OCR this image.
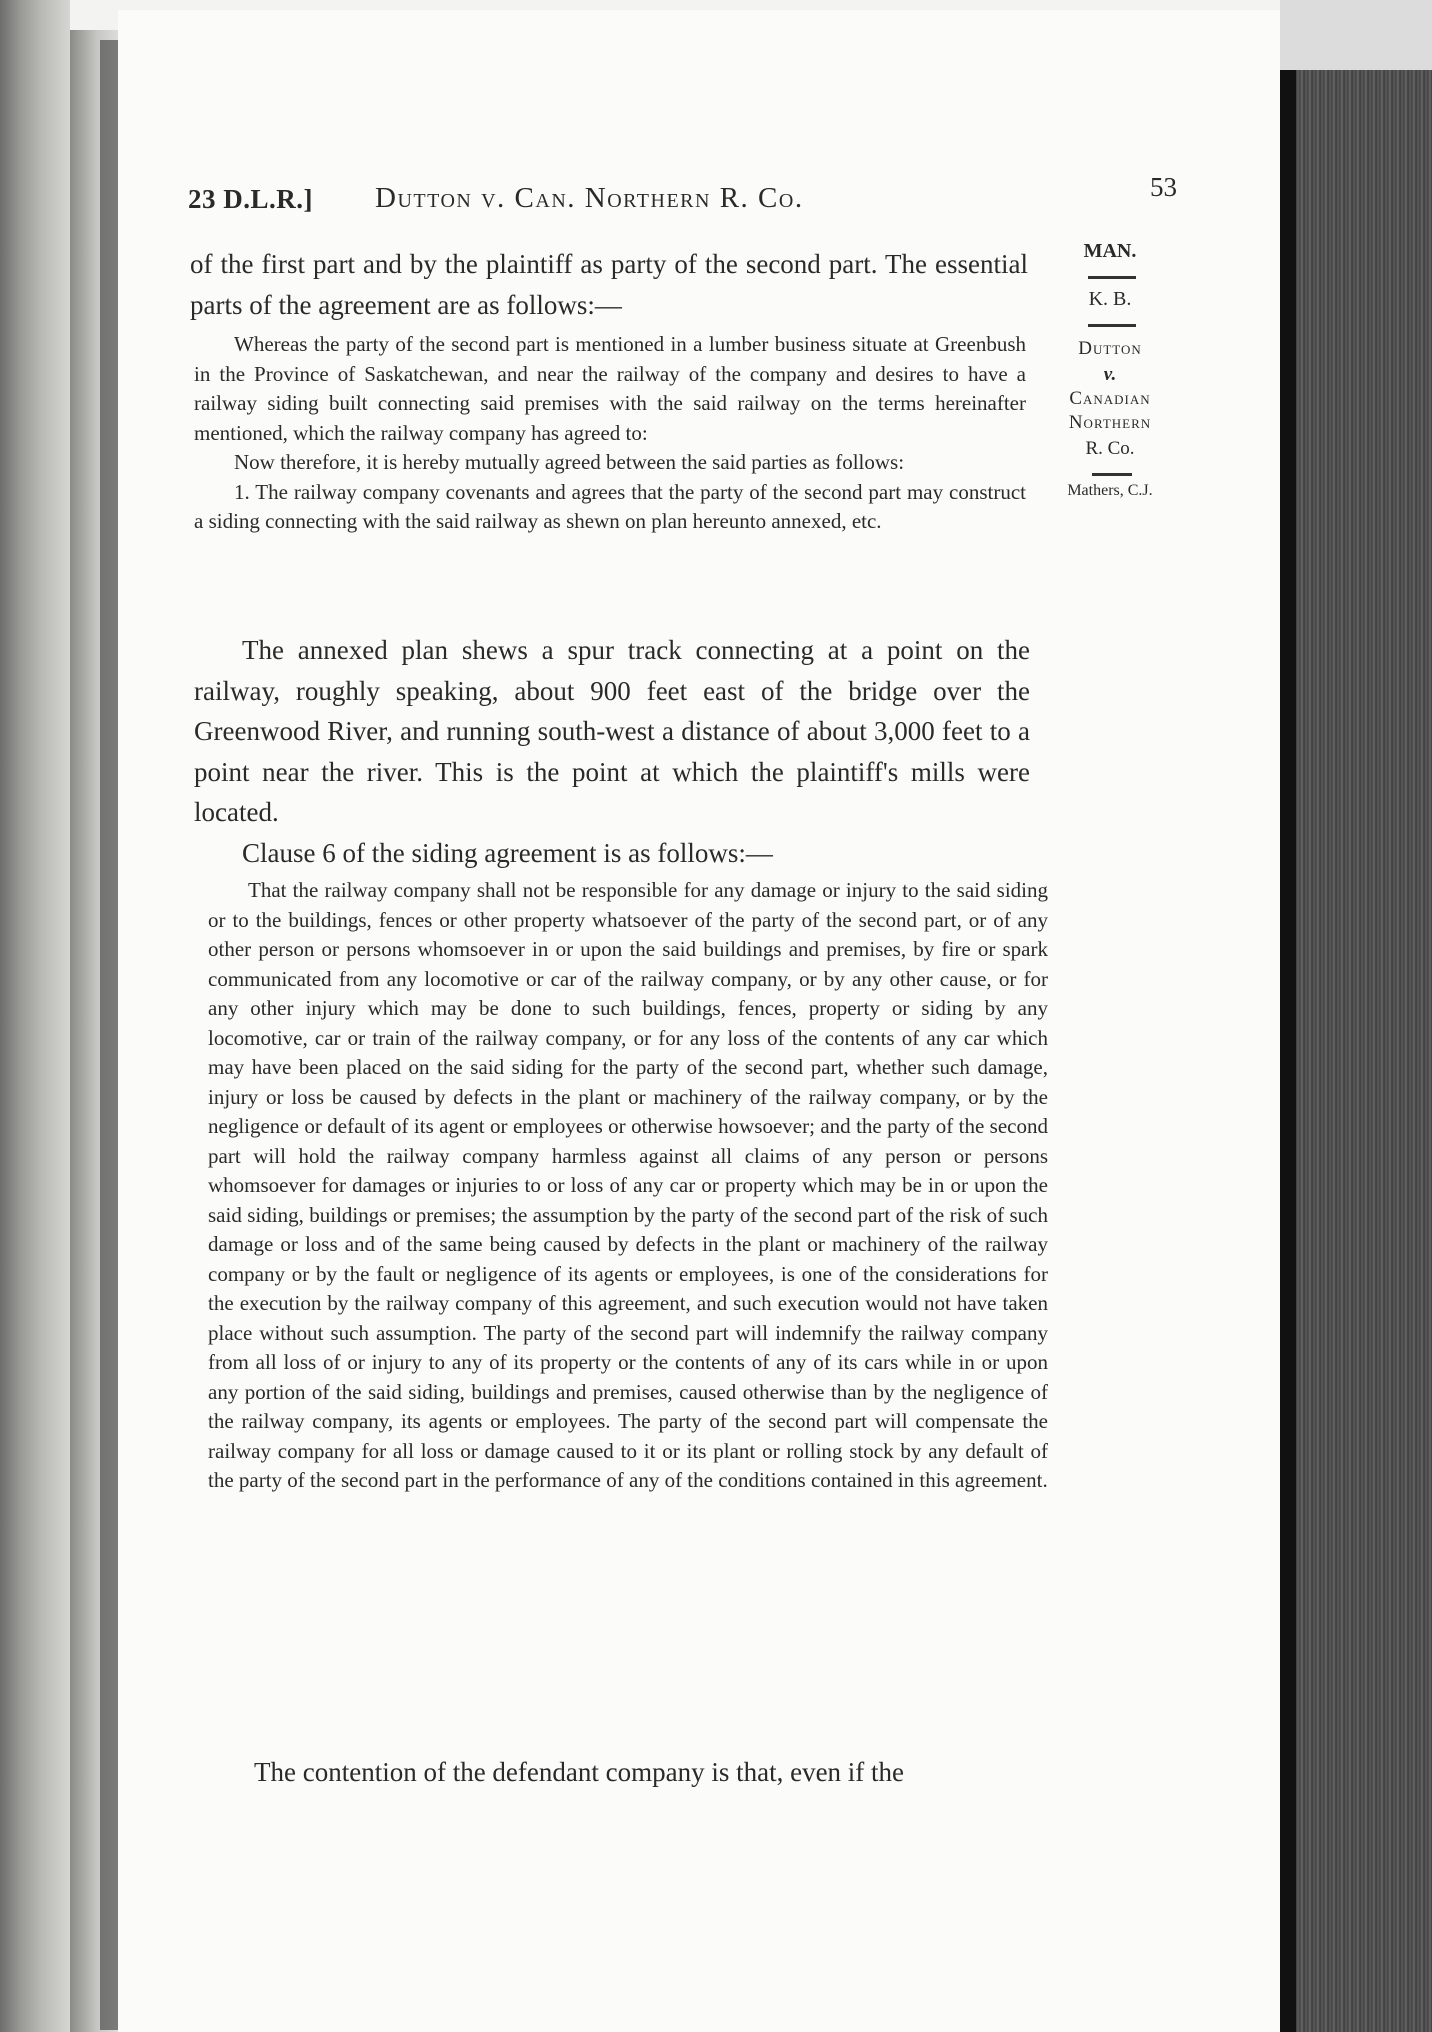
23 D.L.R.] Dutton v. Can. Northern R. Co.	53
MAN.
K. B.
Dutton
v.
Canadian
Northern
R. Co.
Mathers, C.J.

of the first part and by the plaintiff as party of the second part. The essential parts of the agreement are as follows:—

Whereas the party of the second part is mentioned in a lumber business situate at Greenbush in the Province of Saskatchewan, and near the railway of the company and desires to have a railway siding built connecting said premises with the said railway on the terms hereinafter mentioned, which the railway company has agreed to:

Now therefore, it is hereby mutually agreed between the said parties as follows:

1. The railway company covenants and agrees that the party of the second part may construct a siding connecting with the said railway as shewn on plan hereunto annexed, etc.

The annexed plan shews a spur track connecting at a point on the railway, roughly speaking, about 900 feet east of the bridge over the Greenwood River, and running south-west a distance of about 3,000 feet to a point near the river. This is the point at which the plaintiff's mills were located.

Clause 6 of the siding agreement is as follows:—

That the railway company shall not be responsible for any damage or injury to the said siding or to the buildings, fences or other property whatsoever of the party of the second part, or of any other person or persons whomsoever in or upon the said buildings and premises, by fire or spark communicated from any locomotive or car of the railway company, or by any other cause, or for any other injury which may be done to such buildings, fences, property or siding by any locomotive, car or train of the railway company, or for any loss of the contents of any car which may have been placed on the said siding for the party of the second part, whether such damage, injury or loss be caused by defects in the plant or machinery of the railway company, or by the negligence or default of its agent or employees or otherwise howsoever; and the party of the second part will hold the railway company harmless against all claims of any person or persons whomsoever for damages or injuries to or loss of any car or property which may be in or upon the said siding, buildings or premises; the assumption by the party of the second part of the risk of such damage or loss and of the same being caused by defects in the plant or machinery of the railway company or by the fault or negligence of its agents or employees, is one of the considerations for the execution by the railway company of this agreement, and such execution would not have taken place without such assumption. The party of the second part will indemnify the railway company from all loss of or injury to any of its property or the contents of any of its cars while in or upon any portion of the said siding, buildings and premises, caused otherwise than by the negligence of the railway company, its agents or employees. The party of the second part will compensate the railway company for all loss or damage caused to it or its plant or rolling stock by any default of the party of the second part in the performance of any of the conditions contained in this agreement.

The contention of the defendant company is that, even if the
